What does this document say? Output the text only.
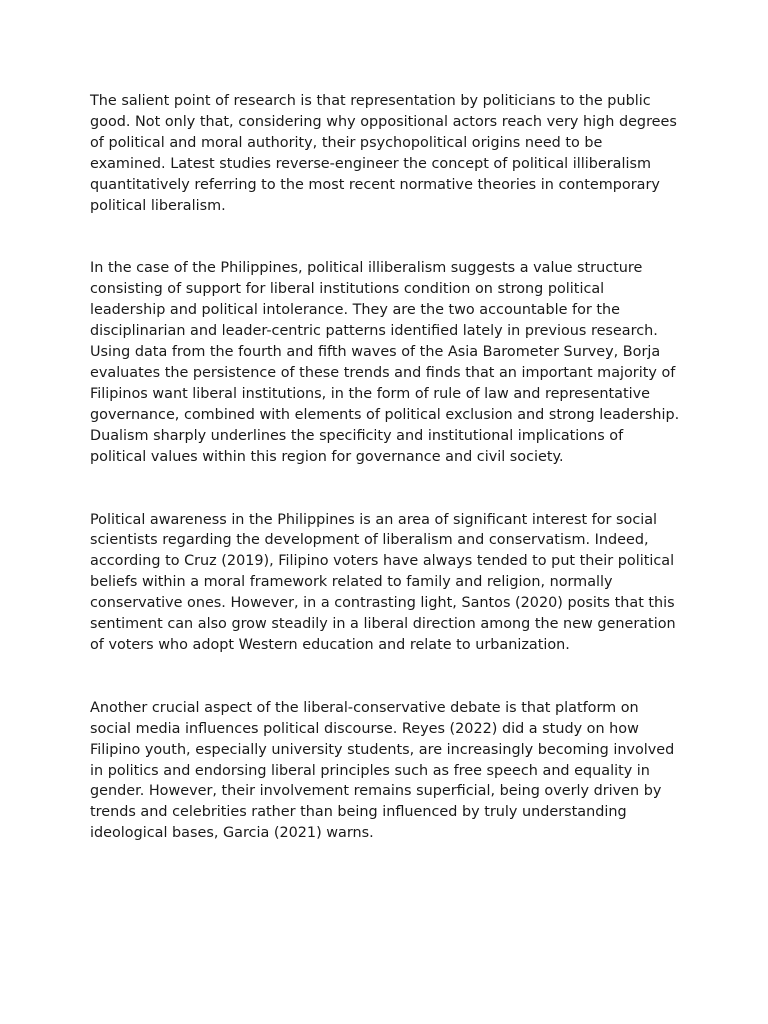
The salient point of research is that representation by politicians to the public good. Not only that, considering why oppositional actors reach very high degrees of political and moral authority, their psychopolitical origins need to be examined. Latest studies reverse-engineer the concept of political illiberalism quantitatively referring to the most recent normative theories in contemporary political liberalism.

In the case of the Philippines, political illiberalism suggests a value structure consisting of support for liberal institutions condition on strong political leadership and political intolerance. They are the two accountable for the disciplinarian and leader-centric patterns identified lately in previous research. Using data from the fourth and fifth waves of the Asia Barometer Survey, Borja evaluates the persistence of these trends and finds that an important majority of Filipinos want liberal institutions, in the form of rule of law and representative governance, combined with elements of political exclusion and strong leadership. Dualism sharply underlines the specificity and institutional implications of political values within this region for governance and civil society.

Political awareness in the Philippines is an area of significant interest for social scientists regarding the development of liberalism and conservatism. Indeed, according to Cruz (2019), Filipino voters have always tended to put their political beliefs within a moral framework related to family and religion, normally conservative ones. However, in a contrasting light, Santos (2020) posits that this sentiment can also grow steadily in a liberal direction among the new generation of voters who adopt Western education and relate to urbanization.

Another crucial aspect of the liberal-conservative debate is that platform on social media influences political discourse. Reyes (2022) did a study on how Filipino youth, especially university students, are increasingly becoming involved in politics and endorsing liberal principles such as free speech and equality in gender. However, their involvement remains superficial, being overly driven by trends and celebrities rather than being influenced by truly understanding ideological bases, Garcia (2021) warns.
